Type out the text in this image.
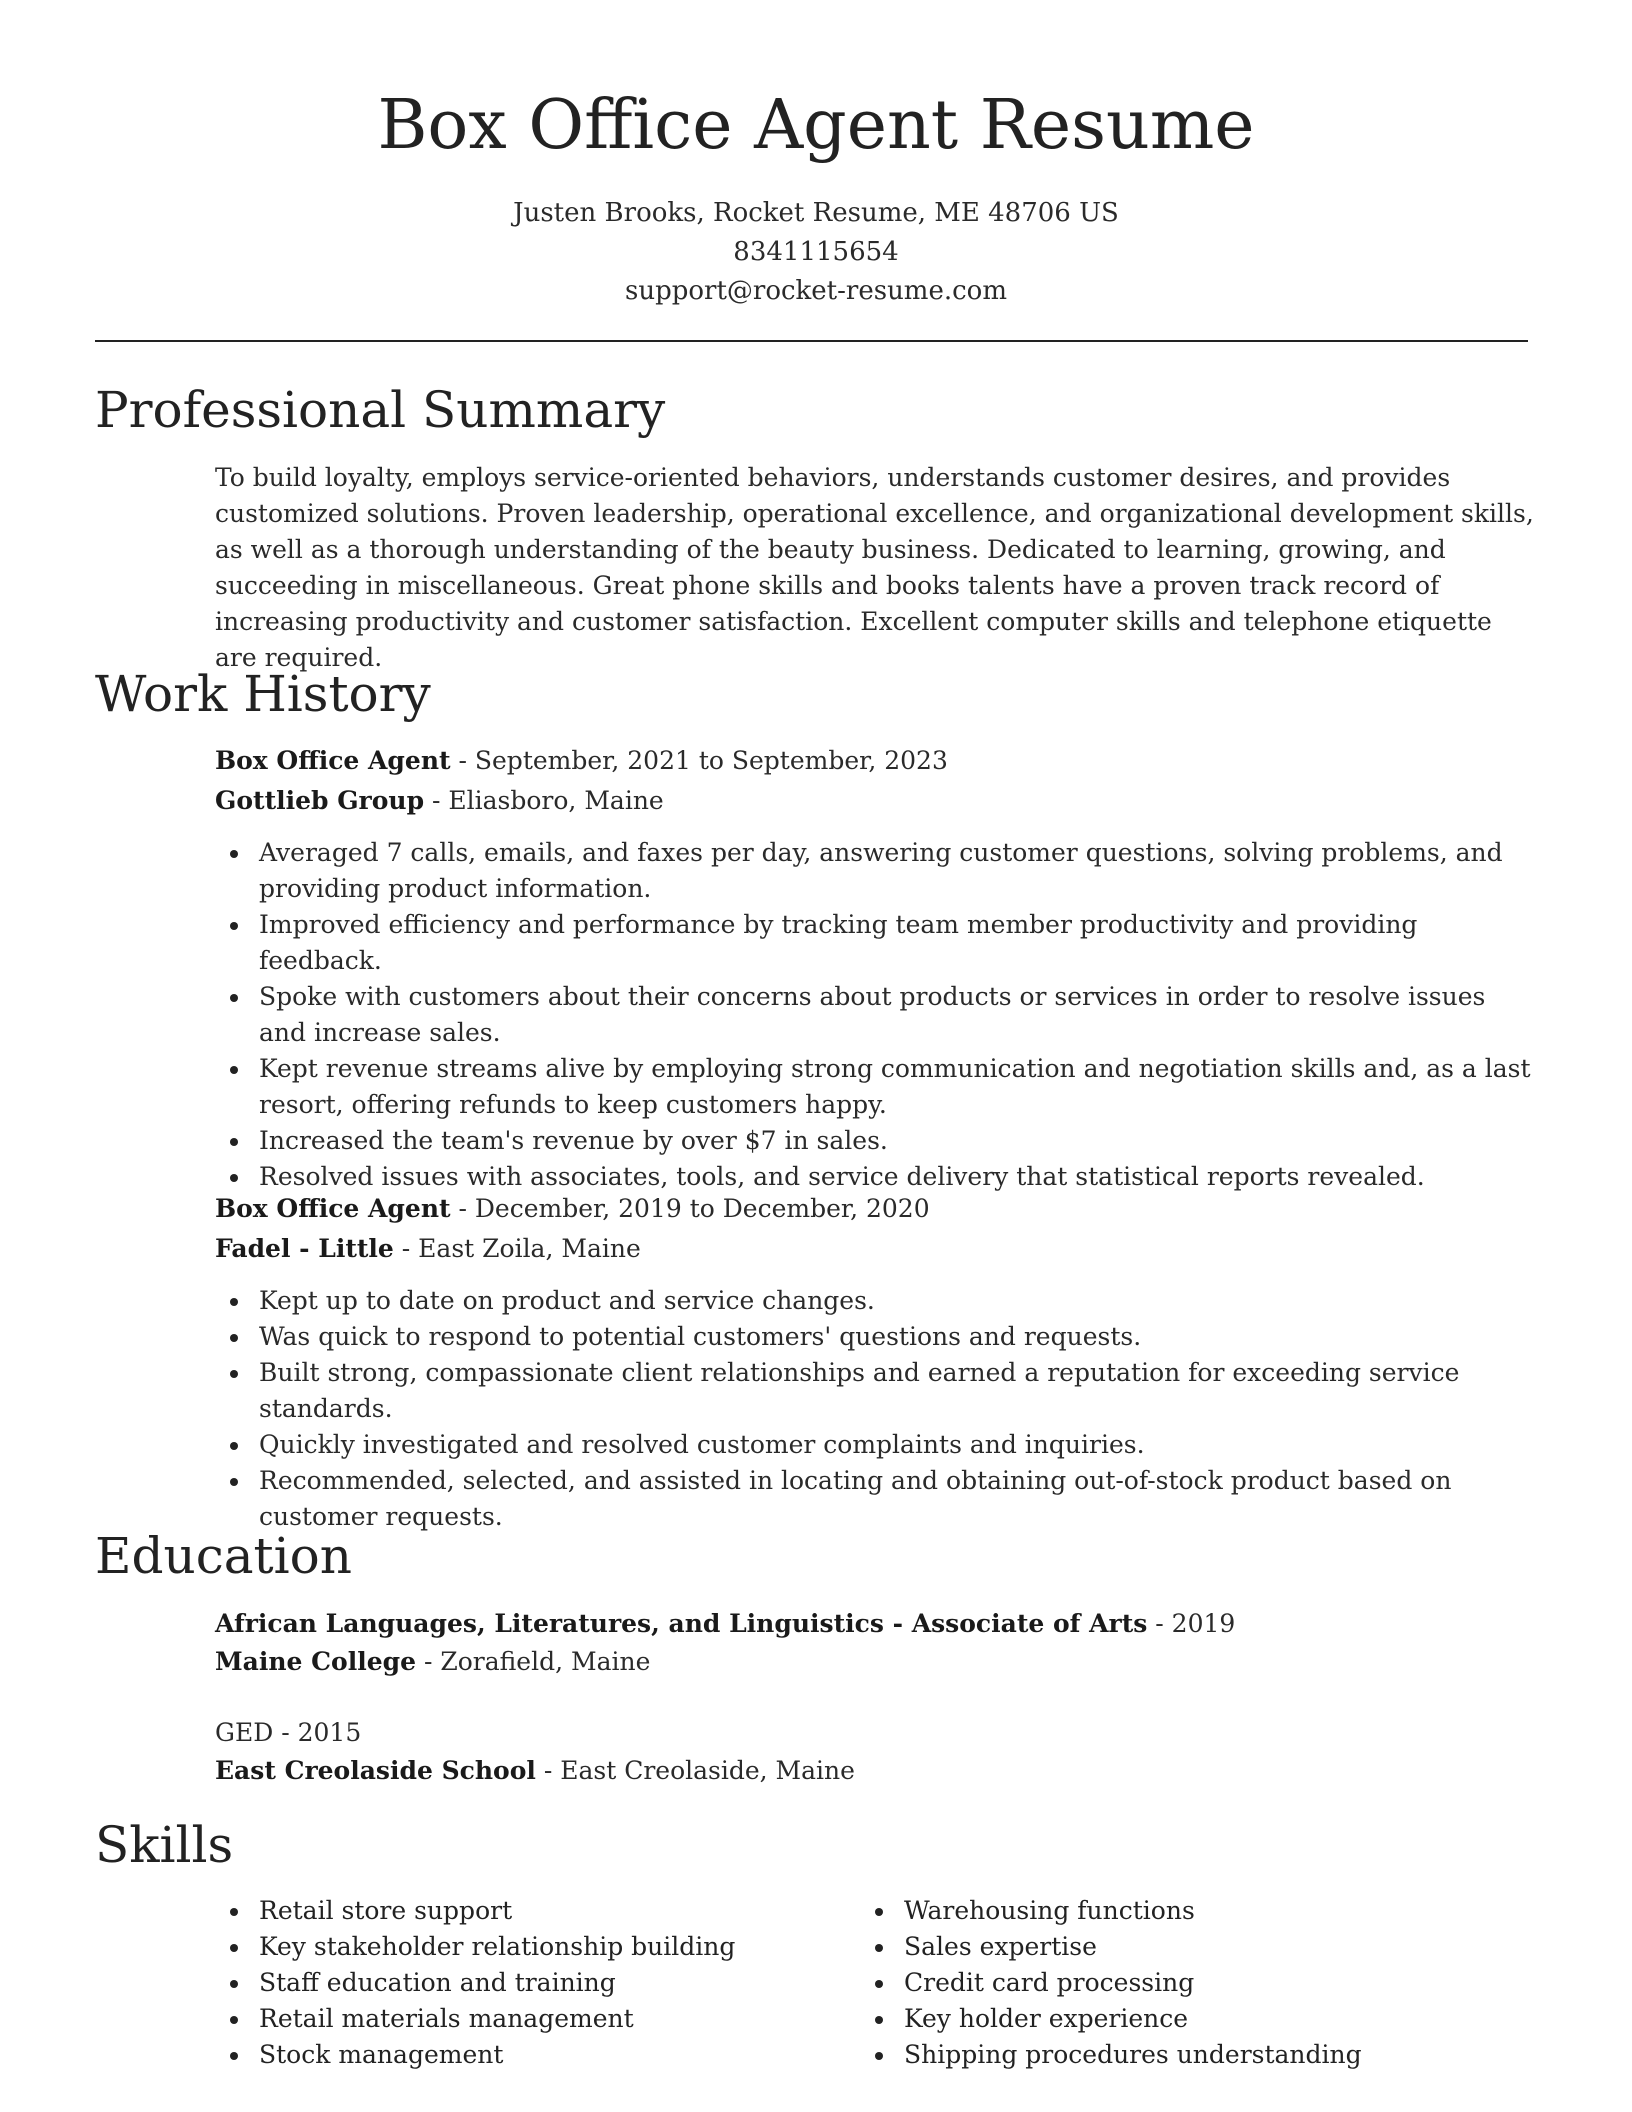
Box Office Agent Resume
Justen Brooks, Rocket Resume, ME 48706 US
8341115654
support@rocket-resume.com
Professional Summary

To build loyalty, employs service-oriented behaviors, understands customer desires, and provides customized solutions. Proven leadership, operational excellence, and organizational development skills, as well as a thorough understanding of the beauty business. Dedicated to learning, growing, and succeeding in miscellaneous. Great phone skills and books talents have a proven track record of increasing productivity and customer satisfaction. Excellent computer skills and telephone etiquette are required.

Work History

Box Office Agent - September, 2021 to September, 2023

Gottlieb Group - Eliasboro, Maine

Averaged 7 calls, emails, and faxes per day, answering customer questions, solving problems, and providing product information.
Improved efficiency and performance by tracking team member productivity and providing feedback.
Spoke with customers about their concerns about products or services in order to resolve issues and increase sales.
Kept revenue streams alive by employing strong communication and negotiation skills and, as a last resort, offering refunds to keep customers happy.
Increased the team's revenue by over $7 in sales.
Resolved issues with associates, tools, and service delivery that statistical reports revealed.

Box Office Agent - December, 2019 to December, 2020

Fadel - Little - East Zoila, Maine

Kept up to date on product and service changes.
Was quick to respond to potential customers' questions and requests.
Built strong, compassionate client relationships and earned a reputation for exceeding service standards.
Quickly investigated and resolved customer complaints and inquiries.
Recommended, selected, and assisted in locating and obtaining out-of-stock product based on customer requests.
Education

African Languages, Literatures, and Linguistics - Associate of Arts - 2019

Maine College - Zorafield, Maine

GED - 2015

East Creolaside School - East Creolaside, Maine

Skills
Retail store support
Key stakeholder relationship building
Staff education and training
Retail materials management
Stock management
Warehousing functions
Sales expertise
Credit card processing
Key holder experience
Shipping procedures understanding
